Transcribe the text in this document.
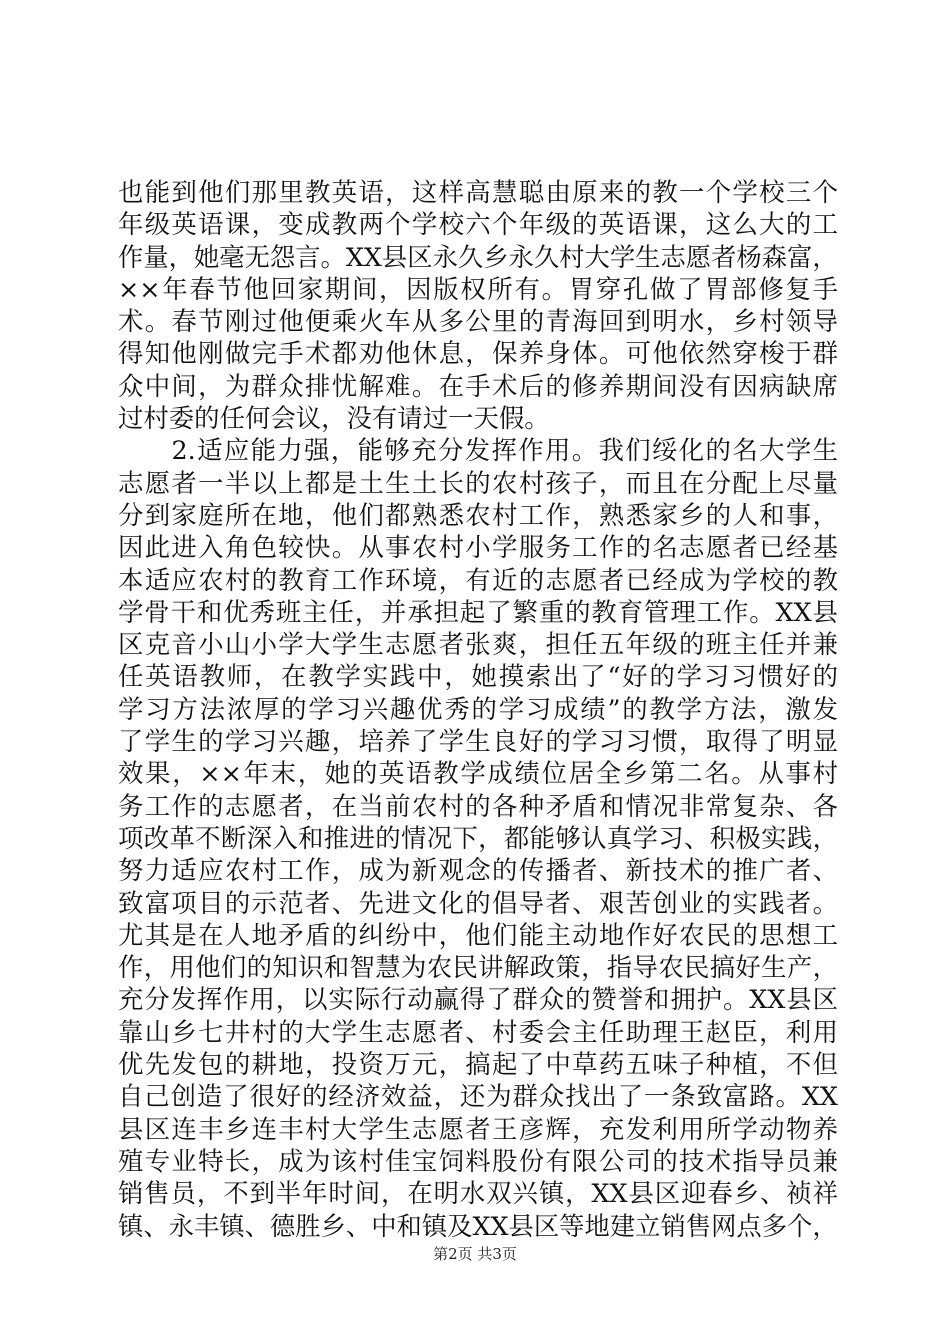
也能到他们那里教英语，这样高慧聪由原来的教一个学校三个
年级英语课，变成教两个学校六个年级的英语课，这么大的工
作量，她毫无怨言。XX县区永久乡永久村大学生志愿者杨森富，
××年春节他回家期间，因版权所有。胃穿孔做了胃部修复手
术。春节刚过他便乘火车从多公里的青海回到明水，乡村领导
得知他刚做完手术都劝他休息，保养身体。可他依然穿梭于群
众中间，为群众排忧解难。在手术后的修养期间没有因病缺席
过村委的任何会议，没有请过一天假。
　　2.适应能力强，能够充分发挥作用。我们绥化的名大学生
志愿者一半以上都是土生土长的农村孩子，而且在分配上尽量
分到家庭所在地，他们都熟悉农村工作，熟悉家乡的人和事，
因此进入角色较快。从事农村小学服务工作的名志愿者已经基
本适应农村的教育工作环境，有近的志愿者已经成为学校的教
学骨干和优秀班主任，并承担起了繁重的教育管理工作。XX县
区克音小山小学大学生志愿者张爽，担任五年级的班主任并兼
任英语教师，在教学实践中，她摸索出了“好的学习习惯好的
学习方法浓厚的学习兴趣优秀的学习成绩”的教学方法，激发
了学生的学习兴趣，培养了学生良好的学习习惯，取得了明显
效果，××年末，她的英语教学成绩位居全乡第二名。从事村
务工作的志愿者，在当前农村的各种矛盾和情况非常复杂、各
项改革不断深入和推进的情况下，都能够认真学习、积极实践，
努力适应农村工作，成为新观念的传播者、新技术的推广者、
致富项目的示范者、先进文化的倡导者、艰苦创业的实践者。
尤其是在人地矛盾的纠纷中，他们能主动地作好农民的思想工
作，用他们的知识和智慧为农民讲解政策，指导农民搞好生产，
充分发挥作用，以实际行动赢得了群众的赞誉和拥护。XX县区
靠山乡七井村的大学生志愿者、村委会主任助理王赵臣，利用
优先发包的耕地，投资万元，搞起了中草药五味子种植，不但
自己创造了很好的经济效益，还为群众找出了一条致富路。XX
县区连丰乡连丰村大学生志愿者王彦辉，充发利用所学动物养
殖专业特长，成为该村佳宝饲料股份有限公司的技术指导员兼
销售员，不到半年时间，在明水双兴镇，XX县区迎春乡、祯祥
镇、永丰镇、德胜乡、中和镇及XX县区等地建立销售网点多个，
第2页 共3页
